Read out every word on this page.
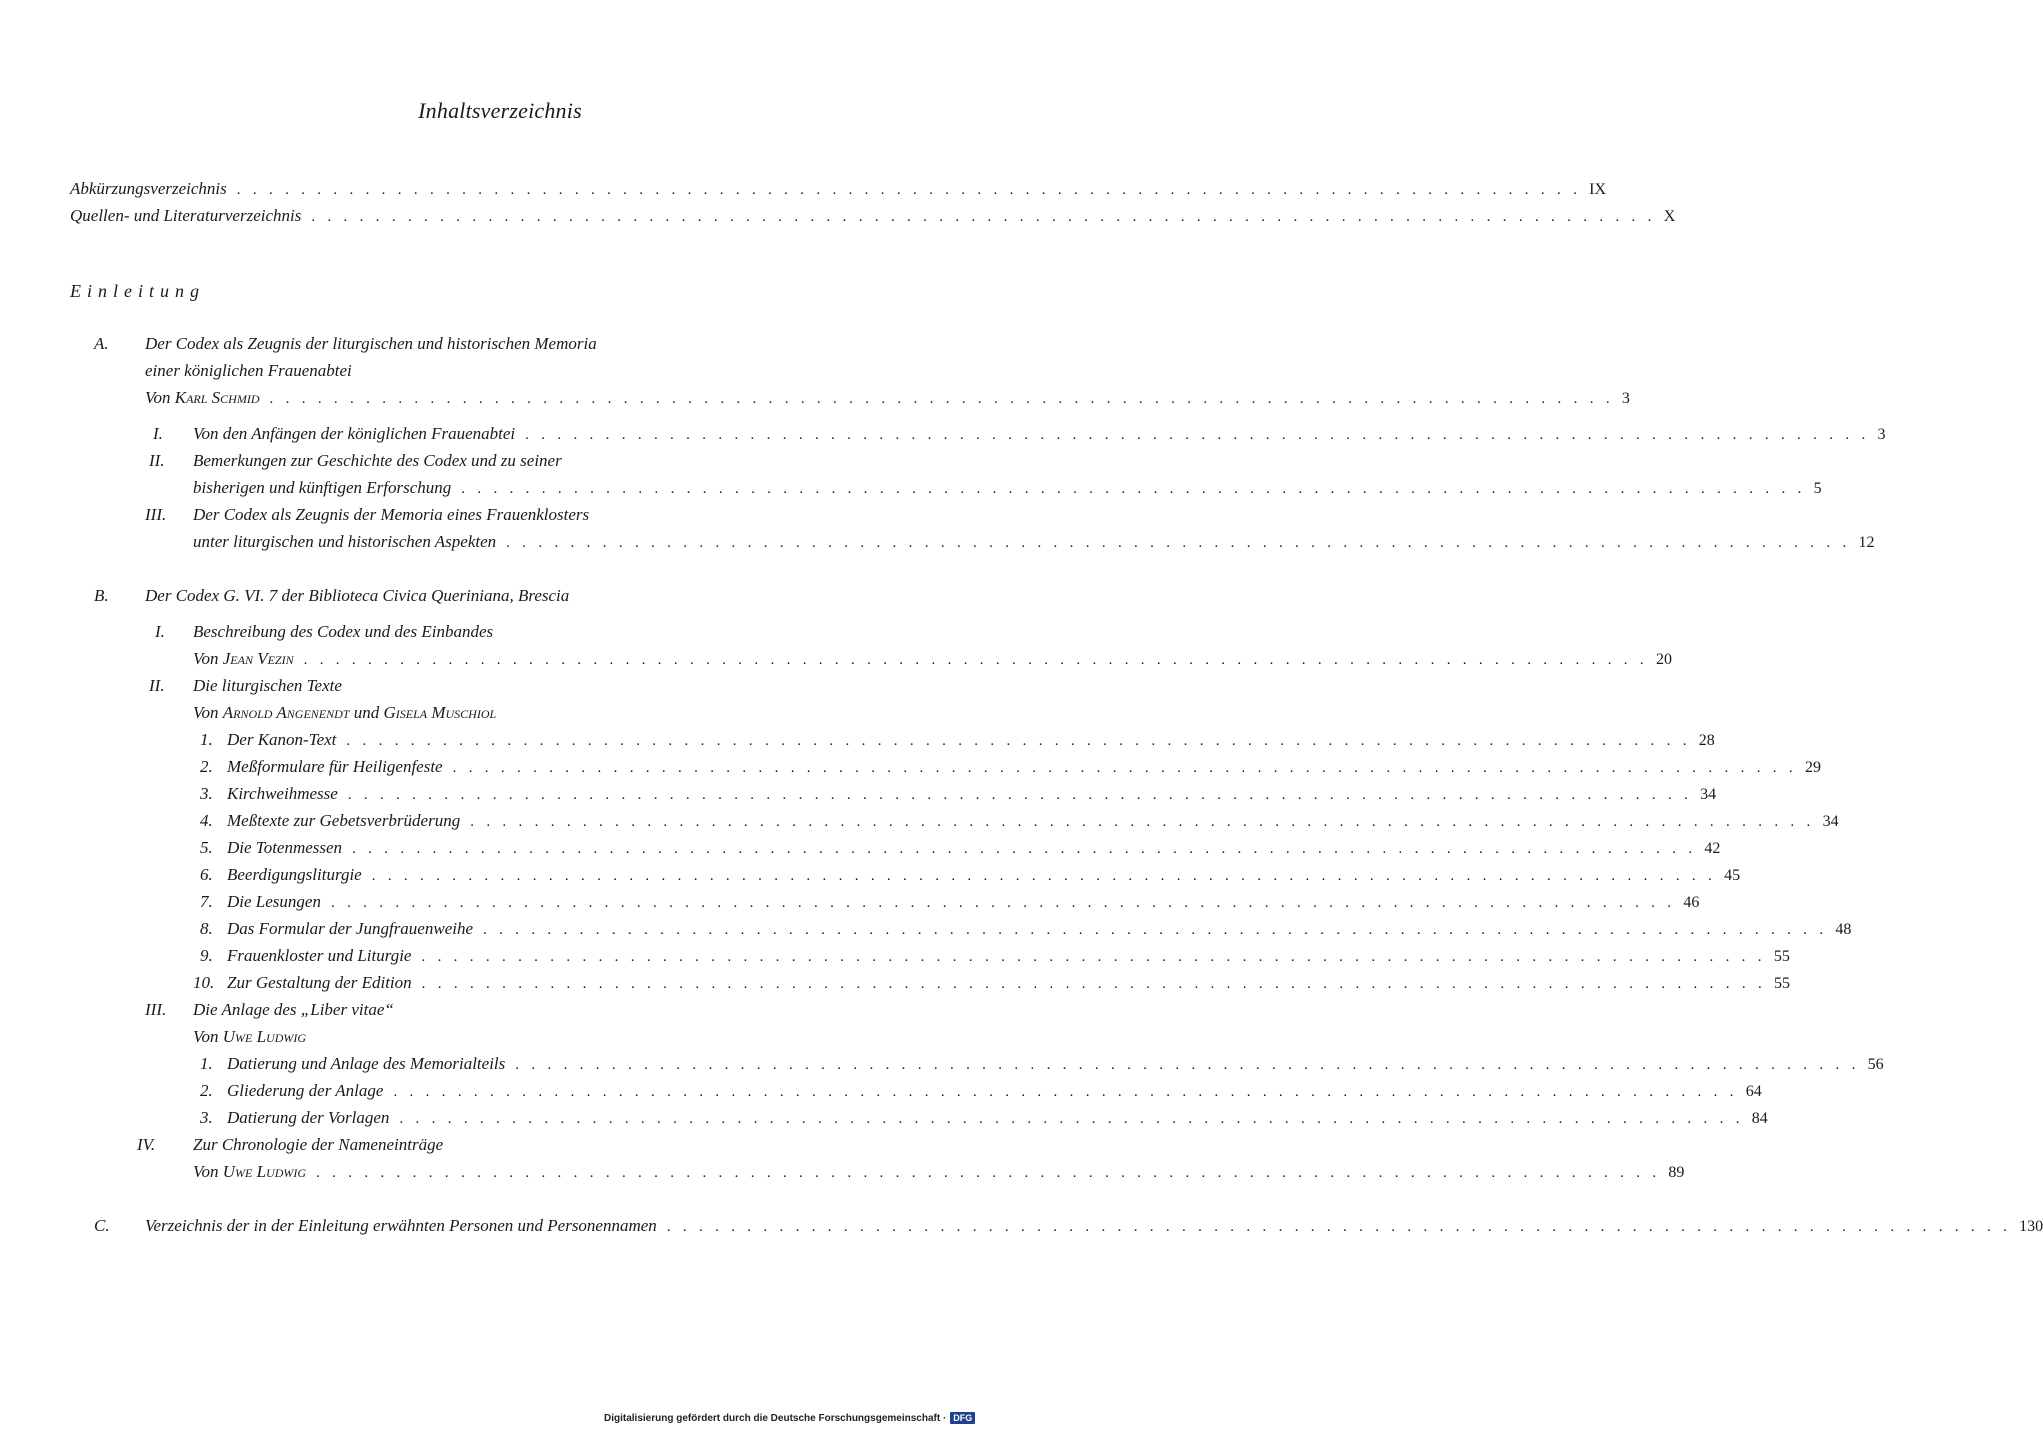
Inhaltsverzeichnis
Abkürzungsverzeichnis . . . . . . . . . . . . . . . . . . . . . . . . . . . . . . . . . . . . . . . . . . . . . . . . . . . . . . . . . . . . . . . . . . . . . . . . . . . . . . . . . . . . IX
Quellen- und Literaturverzeichnis . . . . . . . . . . . . . . . . . . . . . . . . . . . . . . . . . . . . . . . . . . . . . . . . . . . . . . . . . . . . . . . . . . . . . . . . . . . . . . . . . . . . X
Einleitung
A. Der Codex als Zeugnis der liturgischen und historischen Memoria
einer königlichen Frauenabtei
Von Karl Schmid . . . . . . . . . . . . . . . . . . . . . . . . . . . . . . . . . . . . . . . . . . . . . . . . . . . . . . . . . . . . . . . . . . . . . . . . . . . . . . . . . . . . 3
I. Von den Anfängen der königlichen Frauenabtei . . . . . . . . . . . . . . . . . . . . . . . . . . . . . . . . . . . . . . . . . . . . . . . . . . . . . . . . . . . . . . . . . . . . . . . . . . . . . . . . . . . . 3
II. Bemerkungen zur Geschichte des Codex und zu seiner
bisherigen und künftigen Erforschung . . . . . . . . . . . . . . . . . . . . . . . . . . . . . . . . . . . . . . . . . . . . . . . . . . . . . . . . . . . . . . . . . . . . . . . . . . . . . . . . . . . . 5
III. Der Codex als Zeugnis der Memoria eines Frauenklosters
unter liturgischen und historischen Aspekten . . . . . . . . . . . . . . . . . . . . . . . . . . . . . . . . . . . . . . . . . . . . . . . . . . . . . . . . . . . . . . . . . . . . . . . . . . . . . . . . . . . . 12
B. Der Codex G. VI. 7 der Biblioteca Civica Queriniana, Brescia
I. Beschreibung des Codex und des Einbandes
Von Jean Vezin . . . . . . . . . . . . . . . . . . . . . . . . . . . . . . . . . . . . . . . . . . . . . . . . . . . . . . . . . . . . . . . . . . . . . . . . . . . . . . . . . . . . 20
II. Die liturgischen Texte
Von Arnold Angenendt und Gisela Muschiol
1. Der Kanon-Text . . . . . . . . . . . . . . . . . . . . . . . . . . . . . . . . . . . . . . . . . . . . . . . . . . . . . . . . . . . . . . . . . . . . . . . . . . . . . . . . . . . . 28
2. Meßformulare für Heiligenfeste . . . . . . . . . . . . . . . . . . . . . . . . . . . . . . . . . . . . . . . . . . . . . . . . . . . . . . . . . . . . . . . . . . . . . . . . . . . . . . . . . . . . 29
3. Kirchweihmesse . . . . . . . . . . . . . . . . . . . . . . . . . . . . . . . . . . . . . . . . . . . . . . . . . . . . . . . . . . . . . . . . . . . . . . . . . . . . . . . . . . . . 34
4. Meßtexte zur Gebetsverbrüderung . . . . . . . . . . . . . . . . . . . . . . . . . . . . . . . . . . . . . . . . . . . . . . . . . . . . . . . . . . . . . . . . . . . . . . . . . . . . . . . . . . . . 34
5. Die Totenmessen . . . . . . . . . . . . . . . . . . . . . . . . . . . . . . . . . . . . . . . . . . . . . . . . . . . . . . . . . . . . . . . . . . . . . . . . . . . . . . . . . . . . 42
6. Beerdigungsliturgie . . . . . . . . . . . . . . . . . . . . . . . . . . . . . . . . . . . . . . . . . . . . . . . . . . . . . . . . . . . . . . . . . . . . . . . . . . . . . . . . . . . . 45
7. Die Lesungen . . . . . . . . . . . . . . . . . . . . . . . . . . . . . . . . . . . . . . . . . . . . . . . . . . . . . . . . . . . . . . . . . . . . . . . . . . . . . . . . . . . . 46
8. Das Formular der Jungfrauenweihe . . . . . . . . . . . . . . . . . . . . . . . . . . . . . . . . . . . . . . . . . . . . . . . . . . . . . . . . . . . . . . . . . . . . . . . . . . . . . . . . . . . . 48
9. Frauenkloster und Liturgie . . . . . . . . . . . . . . . . . . . . . . . . . . . . . . . . . . . . . . . . . . . . . . . . . . . . . . . . . . . . . . . . . . . . . . . . . . . . . . . . . . . . 55
10. Zur Gestaltung der Edition . . . . . . . . . . . . . . . . . . . . . . . . . . . . . . . . . . . . . . . . . . . . . . . . . . . . . . . . . . . . . . . . . . . . . . . . . . . . . . . . . . . . 55
III. Die Anlage des „Liber vitae“
Von Uwe Ludwig
1. Datierung und Anlage des Memorialteils . . . . . . . . . . . . . . . . . . . . . . . . . . . . . . . . . . . . . . . . . . . . . . . . . . . . . . . . . . . . . . . . . . . . . . . . . . . . . . . . . . . . 56
2. Gliederung der Anlage . . . . . . . . . . . . . . . . . . . . . . . . . . . . . . . . . . . . . . . . . . . . . . . . . . . . . . . . . . . . . . . . . . . . . . . . . . . . . . . . . . . . 64
3. Datierung der Vorlagen . . . . . . . . . . . . . . . . . . . . . . . . . . . . . . . . . . . . . . . . . . . . . . . . . . . . . . . . . . . . . . . . . . . . . . . . . . . . . . . . . . . . 84
IV. Zur Chronologie der Nameneinträge
Von Uwe Ludwig . . . . . . . . . . . . . . . . . . . . . . . . . . . . . . . . . . . . . . . . . . . . . . . . . . . . . . . . . . . . . . . . . . . . . . . . . . . . . . . . . . . . 89
C. Verzeichnis der in der Einleitung erwähnten Personen und Personennamen . . . . . . . . . . . . . . . . . . . . . . . . . . . . . . . . . . . . . . . . . . . . . . . . . . . . . . . . . . . . . . . . . . . . . . . . . . . . . . . . . . . . 130
Digitalisierung gefördert durch die Deutsche Forschungsgemeinschaft · DFG
